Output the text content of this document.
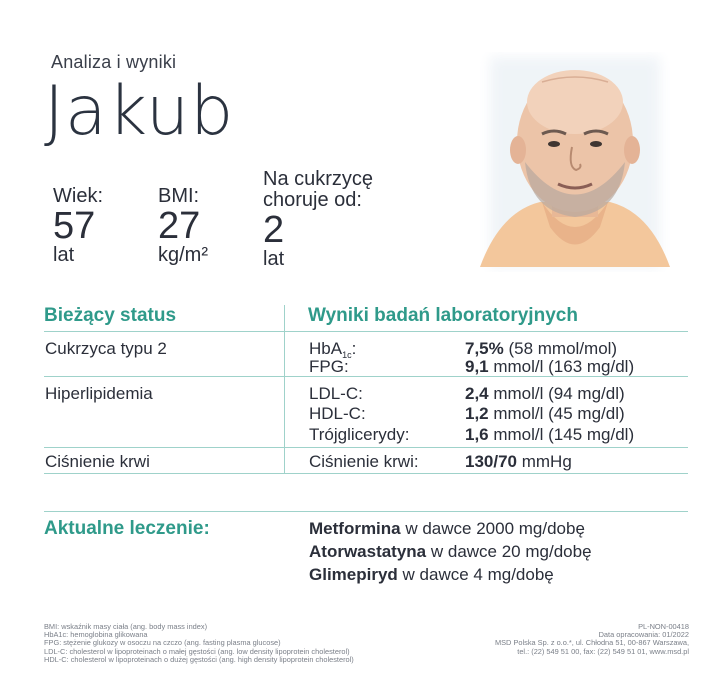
Analiza i wyniki
Jakub
Wiek:
57
lat
BMI:
27
kg/m²
Na cukrzycę
choruje od:
2
lat
Bieżący status	Wyniki badań laboratoryjnych
Cukrzyca typu 2	HbA$_{1c}$:	7,5% (58 mmol/mol)
FPG:	9,1 mmol/l (163 mg/dl)
Hiperlipidemia	LDL-C:	2,4 mmol/l (94 mg/dl)
HDL-C:	1,2 mmol/l (45 mg/dl)
Trójglicerydy:	1,6 mmol/l (145 mg/dl)
Ciśnienie krwi	Ciśnienie krwi:	130/70 mmHg
Aktualne leczenie:	Metformina w dawce 2000 mg/dobę
Atorwastatyna w dawce 20 mg/dobę
Glimepiryd w dawce 4 mg/dobę
BMI: wskaźnik masy ciała (ang. body mass index)
HbA1c: hemoglobina glikowana
FPG: stężenie glukozy w osoczu na czczo (ang. fasting plasma glucose)
LDL-C: cholesterol w lipoproteinach o małej gęstości (ang. low density lipoprotein cholesterol)
HDL-C: cholesterol w lipoproteinach o dużej gęstości (ang. high density lipoprotein cholesterol)
PL-NON-00418
Data opracowania: 01/2022
MSD Polska Sp. z o.o.*, ul. Chłodna 51, 00-867 Warszawa,
tel.: (22) 549 51 00, fax: (22) 549 51 01, www.msd.pl
